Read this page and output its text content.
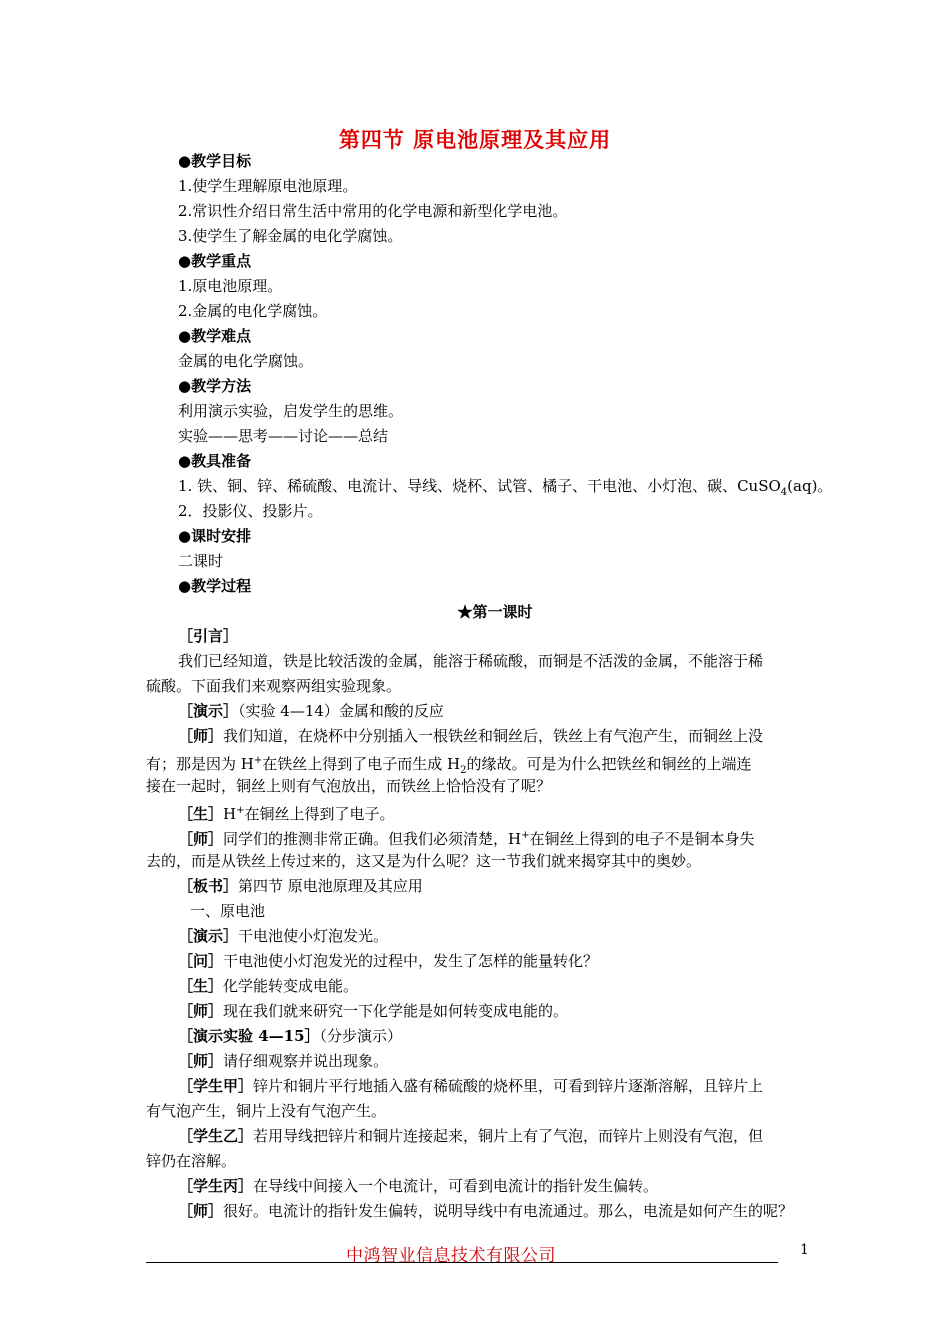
第四节 原电池原理及其应用
●教学目标
1.使学生理解原电池原理。
2.常识性介绍日常生活中常用的化学电源和新型化学电池。
3.使学生了解金属的电化学腐蚀。
●教学重点
1.原电池原理。
2.金属的电化学腐蚀。
●教学难点
金属的电化学腐蚀。
●教学方法
利用演示实验，启发学生的思维。
实验——思考——讨论——总结
●教具准备
1. 铁、铜、锌、稀硫酸、电流计、导线、烧杯、试管、橘子、干电池、小灯泡、碳、CuSO$_4$(aq)。
2．投影仪、投影片。
●课时安排
二课时
●教学过程
★第一课时
［引言］
我们已经知道，铁是比较活泼的金属，能溶于稀硫酸，而铜是不活泼的金属，不能溶于稀
硫酸。下面我们来观察两组实验现象。
［演示］（实验 4—14）金属和酸的反应
［师］我们知道，在烧杯中分别插入一根铁丝和铜丝后，铁丝上有气泡产生，而铜丝上没
有；那是因为 H+在铁丝上得到了电子而生成 $H_2$的缘故。可是为什么把铁丝和铜丝的上端连
接在一起时，铜丝上则有气泡放出，而铁丝上恰恰没有了呢？
［生］H+在铜丝上得到了电子。
［师］同学们的推测非常正确。但我们必须清楚，H+在铜丝上得到的电子不是铜本身失
去的，而是从铁丝上传过来的，这又是为什么呢？这一节我们就来揭穿其中的奥妙。
［板书］第四节 原电池原理及其应用
一、原电池
［演示］干电池使小灯泡发光。
［问］干电池使小灯泡发光的过程中，发生了怎样的能量转化？
［生］化学能转变成电能。
［师］现在我们就来研究一下化学能是如何转变成电能的。
［演示实验 4—15］（分步演示）
［师］请仔细观察并说出现象。
［学生甲］锌片和铜片平行地插入盛有稀硫酸的烧杯里，可看到锌片逐渐溶解，且锌片上
有气泡产生，铜片上没有气泡产生。
［学生乙］若用导线把锌片和铜片连接起来，铜片上有了气泡，而锌片上则没有气泡，但
锌仍在溶解。
［学生丙］在导线中间接入一个电流计，可看到电流计的指针发生偏转。
［师］很好。电流计的指针发生偏转，说明导线中有电流通过。那么，电流是如何产生的呢？
中鸿智业信息技术有限公司	1
